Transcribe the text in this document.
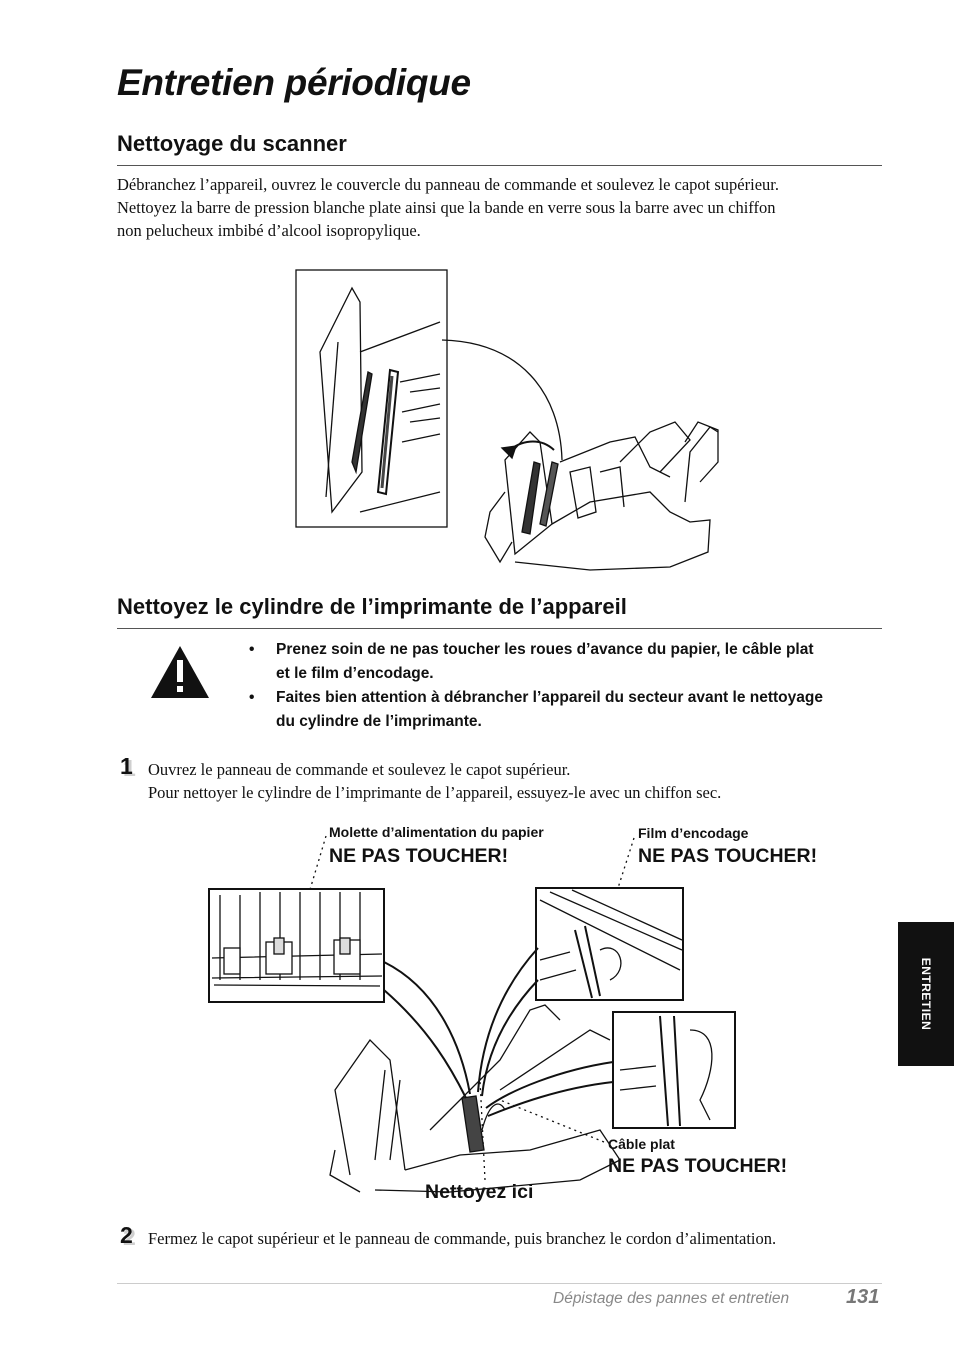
Entretien périodique
Nettoyage du scanner
Débranchez l’appareil, ouvrez le couvercle du panneau de commande et soulevez le capot supérieur.
Nettoyez la barre de pression blanche plate ainsi que la bande en verre sous la barre avec un chiffon
non pelucheux imbibé d’alcool isopropylique.
Nettoyez le cylindre de l’imprimante de l’appareil
• Prenez soin de ne pas toucher les roues d’avance du papier, le câble plat
et le film d’encodage.
• Faites bien attention à débrancher l’appareil du secteur avant le nettoyage
du cylindre de l’imprimante.
1 Ouvrez le panneau de commande et soulevez le capot supérieur.
Pour nettoyer le cylindre de l’imprimante de l’appareil, essuyez-le avec un chiffon sec.
Molette d’alimentation du papier
NE PAS TOUCHER!
Film d’encodage
NE PAS TOUCHER!
Câble plat
NE PAS TOUCHER!
Nettoyez ici
2 Fermez le capot supérieur et le panneau de commande, puis branchez le cordon d’alimentation.
ENTRETIEN
Dépistage des pannes et entretien	131
